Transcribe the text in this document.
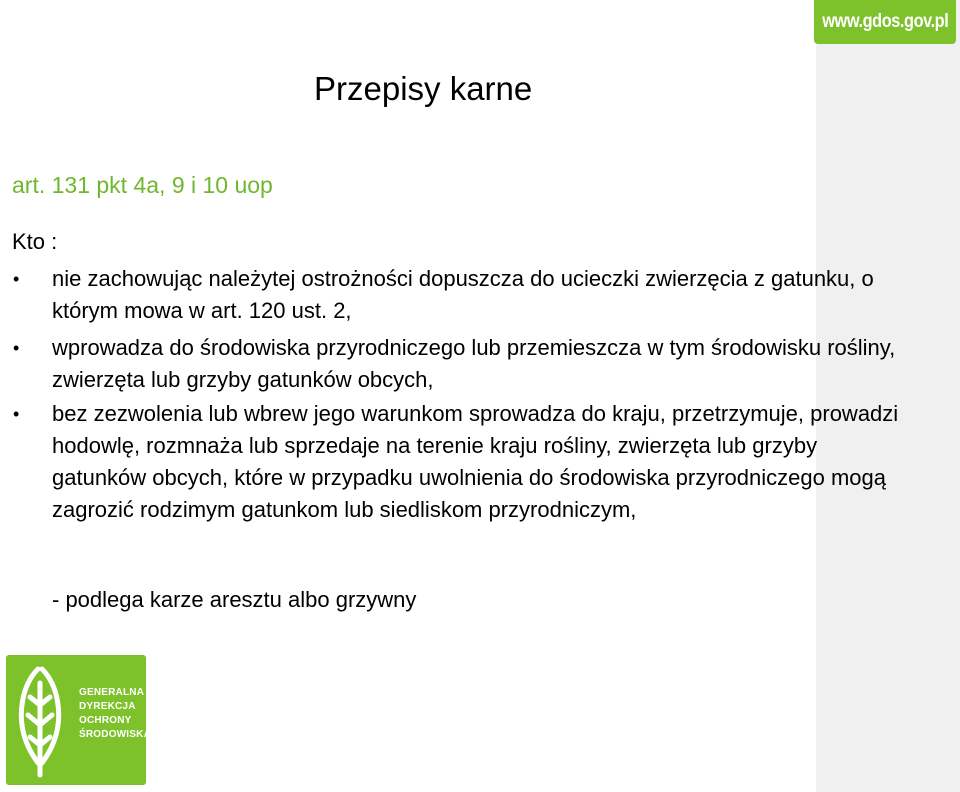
www.gdos.gov.pl
Przepisy karne
art. 131 pkt 4a, 9 i 10 uop
Kto :
• nie zachowując należytej ostrożności dopuszcza do ucieczki zwierzęcia z gatunku, o którym mowa w art. 120 ust. 2,
• wprowadza do środowiska przyrodniczego lub przemieszcza w tym środowisku rośliny, zwierzęta lub grzyby gatunków obcych,
• bez zezwolenia lub wbrew jego warunkom sprowadza do kraju, przetrzymuje, prowadzi hodowlę, rozmnaża lub sprzedaje na terenie kraju rośliny, zwierzęta lub grzyby gatunków obcych, które w przypadku uwolnienia do środowiska przyrodniczego mogą zagrozić rodzimym gatunkom lub siedliskom przyrodniczym,
- podlega karze aresztu albo grzywny
GENERALNA
DYREKCJA
OCHRONY
ŚRODOWISKA
